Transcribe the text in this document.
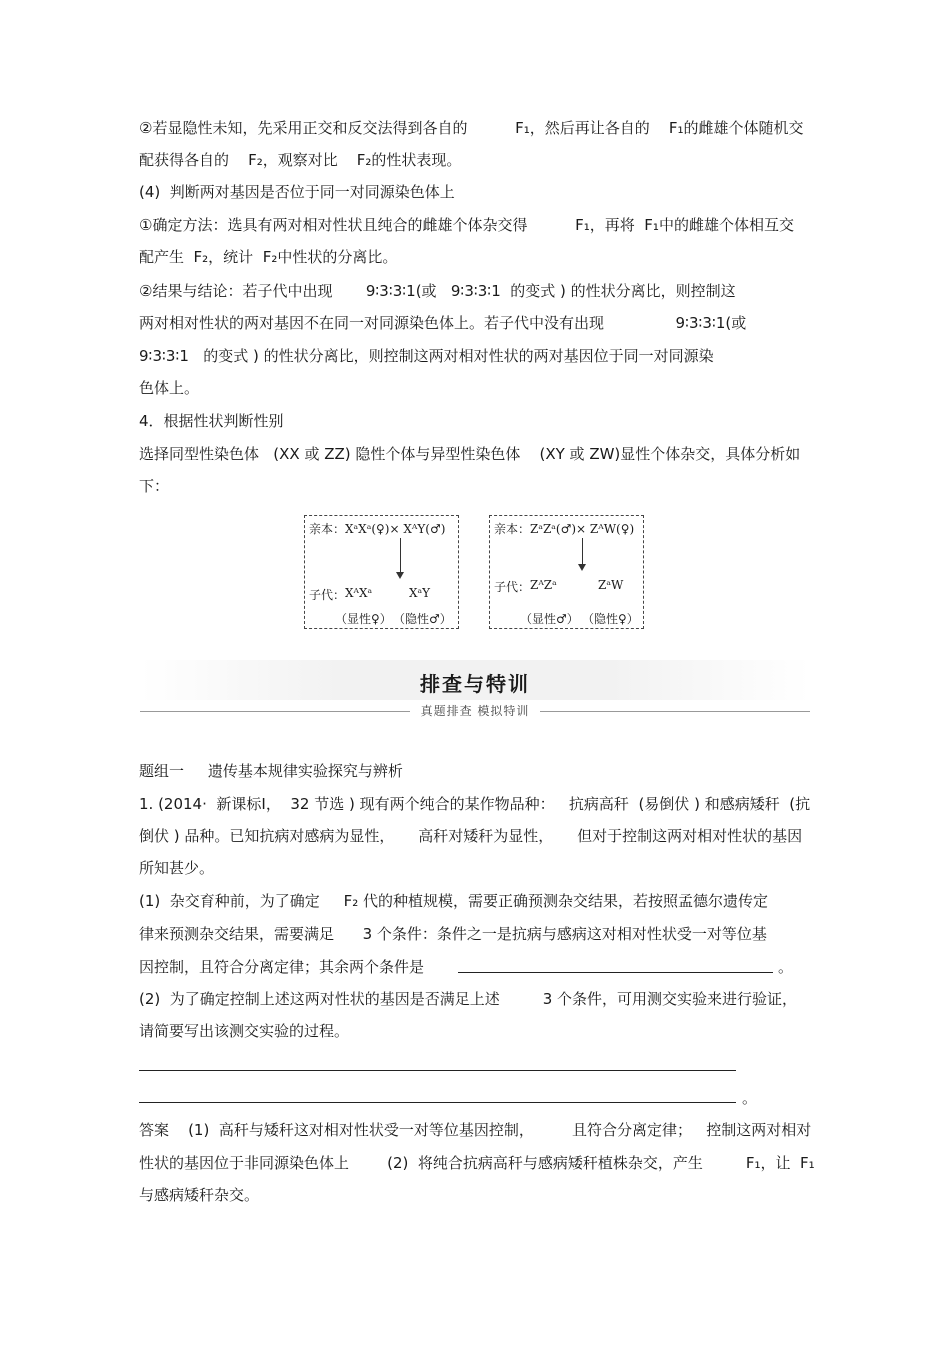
②若显隐性未知，先采用正交和反交法得到各自的          F₁，然后再让各自的    F₁的雌雄个体随机交
配获得各自的    F₂，观察对比    F₂的性状表现。
(4)  判断两对基因是否位于同一对同源染色体上
①确定方法：选具有两对相对性状且纯合的雌雄个体杂交得          F₁，再将  F₁中的雌雄个体相互交
配产生  F₂，统计  F₂中性状的分离比。
②结果与结论：若子代中出现       9∶3∶3∶1(或   9∶3∶3∶1  的变式 ) 的性状分离比，则控制这
两对相对性状的两对基因不在同一对同源染色体上。若子代中没有出现               9∶3∶3∶1(或
9∶3∶3∶1   的变式 ) 的性状分离比，则控制这两对相对性状的两对基因位于同一对同源染
色体上。
4．根据性状判断性别
选择同型性染色体   (XX 或 ZZ) 隐性个体与异型性染色体    (XY 或 ZW)显性个体杂交，具体分析如
下：
亲本：XᵃXᵃ(♀)× XᴬY(♂)
子代： XᴬXᵃ	XᵃY
（显性♀） （隐性♂）
亲本：ZᵃZᵃ(♂)× ZᴬW(♀)
子代： ZᴬZᵃ	ZᵃW
（显性♂） （隐性♀）
排查与特训
真题排查 模拟特训
题组一     遗传基本规律实验探究与辨析
1. (2014·  新课标Ⅰ，  32 节选 ) 现有两个纯合的某作物品种：   抗病高秆  (易倒伏 ) 和感病矮秆  (抗
倒伏 ) 品种。已知抗病对感病为显性，     高秆对矮秆为显性，     但对于控制这两对相对性状的基因
所知甚少。
(1)  杂交育种前，为了确定     F₂ 代的种植规模，需要正确预测杂交结果，若按照孟德尔遗传定
律来预测杂交结果，需要满足      3 个条件：条件之一是抗病与感病这对相对性状受一对等位基
因控制，且符合分离定律；其余两个条件是	。
(2)  为了确定控制上述这两对性状的基因是否满足上述         3 个条件，可用测交实验来进行验证，
请简要写出该测交实验的过程。
。
答案    (1)  高秆与矮秆这对相对性状受一对等位基因控制，        且符合分离定律；   控制这两对相对
性状的基因位于非同源染色体上        (2)  将纯合抗病高秆与感病矮秆植株杂交，产生         F₁，让  F₁
与感病矮秆杂交。
